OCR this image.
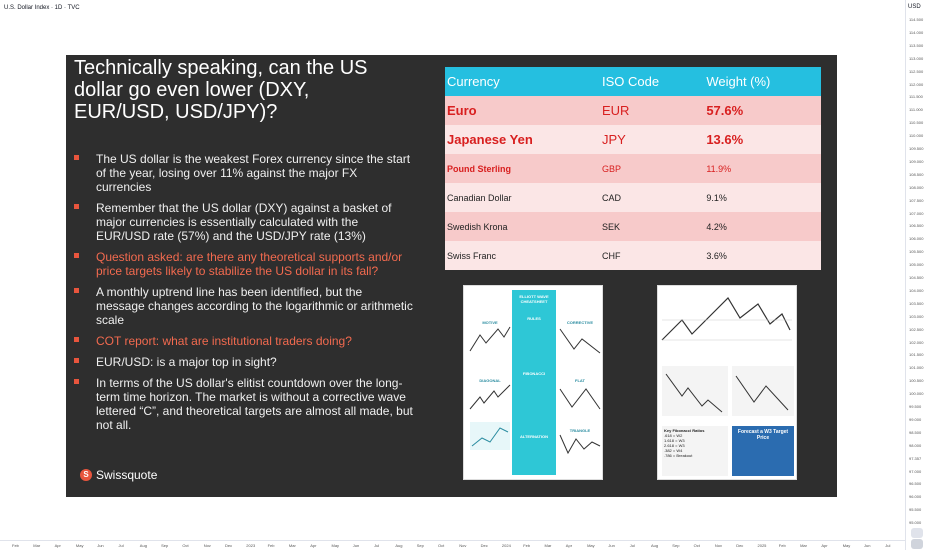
U.S. Dollar Index · 1D · TVC	USD
114.500
114.000
113.500
113.000
112.500
112.000
111.500
111.000
110.500
110.000
109.500
109.000
108.500
108.000
107.500
107.000
106.500
106.000
105.500
105.000
104.500
104.000
103.500
103.000
102.500
102.000
101.500
101.000
100.500
100.000
99.500
99.000
98.500
98.000
97.357
97.000
96.500
96.000
95.500
95.000
Feb	Mar	Apr	May	Jun	Jul	Aug	Sep	Oct	Nov	Dec	2023	Feb	Mar	Apr	May	Jun	Jul	Aug	Sep	Oct	Nov	Dec	2024	Feb	Mar	Apr	May	Jun	Jul	Aug	Sep	Oct	Nov	Dec	2025	Feb	Mar	Apr	May	Jun	Jul
Technically speaking, can the US dollar go even lower (DXY, EUR/USD, USD/JPY)?
The US dollar is the weakest Forex currency since the start of the year, losing over 11% against the major FX currencies
Remember that the US dollar (DXY) against a basket of major currencies is essentially calculated with the EUR/USD rate (57%) and the USD/JPY rate (13%)
Question asked: are there any theoretical supports and/or price targets likely to stabilize the US dollar in its fall?
A monthly uptrend line has been identified, but the message changes according to the logarithmic or arithmetic scale
COT report: what are institutional traders doing?
EUR/USD: is a major top in sight?
In terms of the US dollar's elitist countdown over the long-term time horizon. The market is without a corrective wave lettered “C”, and theoretical targets are almost all made, but not all.
S Swissquote
Currency	ISO Code	Weight (%)
Euro	EUR	57.6%
Japanese Yen	JPY	13.6%
Pound Sterling	GBP	11.9%
Canadian Dollar	CAD	9.1%
Swedish Krona	SEK	4.2%
Swiss Franc	CHF	3.6%
MOTIVE
DIAGONAL

ELLIOTT WAVE CHEATSHEET
RULES
FIBONACCI
ALTERNATION
CORRECTIVE
FLAT
TRIANGLE	Key Fibonacci Ratios
.618 = W2
1.618 = W3
2.618 = W3
.382 = W4
.786 = Breakout
Forecast a W3 Target Price
